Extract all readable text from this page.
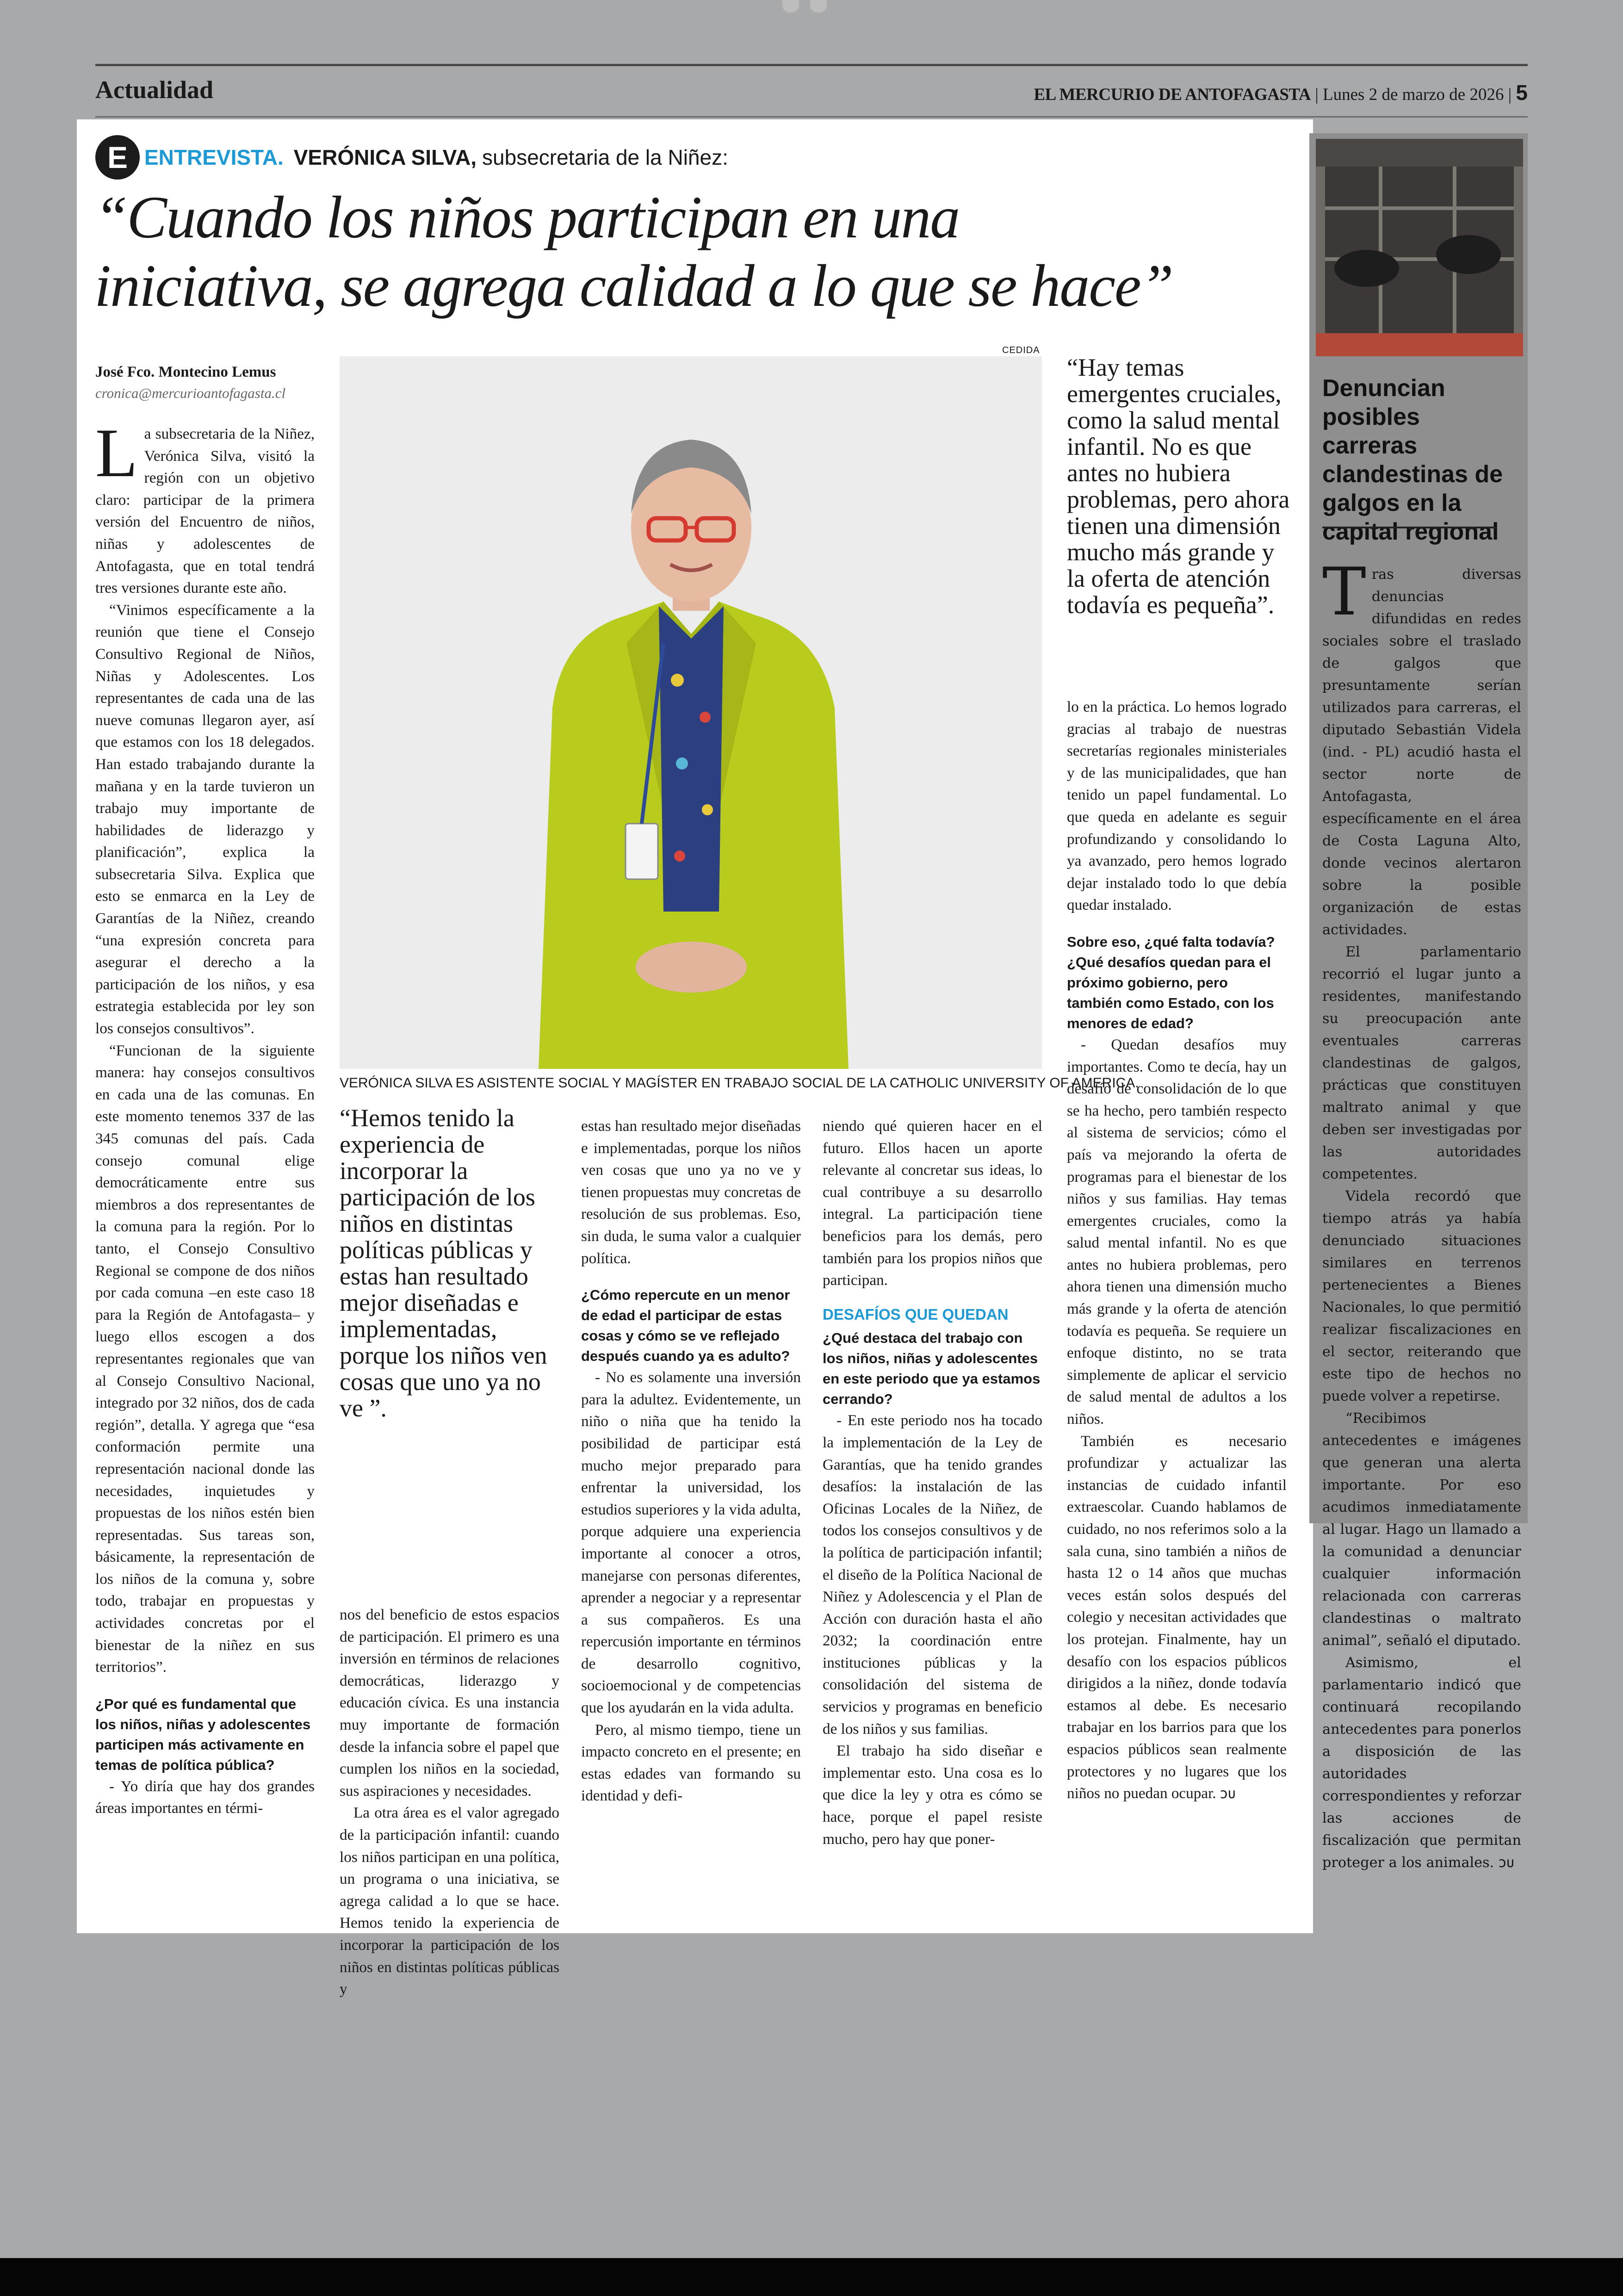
Actualidad	EL MERCURIO DE ANTOFAGASTA | Lunes 2 de marzo de 2026 | 5
E ENTREVISTA. VERÓNICA SILVA, subsecretaria de la Niñez:
“Cuando los niños participan en una
iniciativa, se agrega calidad a lo que se hace”
José Fco. Montecino Lemus
cronica@mercurioantofagasta.cl

La subsecretaria de la Niñez, Verónica Silva, visitó la región con un objetivo claro: participar de la primera versión del Encuentro de niños, niñas y adolescentes de Antofagasta, que en total tendrá tres versiones durante este año.

“Vinimos específicamente a la reunión que tiene el Consejo Consultivo Regional de Niños, Niñas y Adolescentes. Los representantes de cada una de las nueve comunas llegaron ayer, así que estamos con los 18 delegados. Han estado trabajando durante la mañana y en la tarde tuvieron un trabajo muy importante de habilidades de liderazgo y planificación”, explica la subsecretaria Silva. Explica que esto se enmarca en la Ley de Garantías de la Niñez, creando “una expresión concreta para asegurar el derecho a la participación de los niños, y esa estrategia establecida por ley son los consejos consultivos”.

“Funcionan de la siguiente manera: hay consejos consultivos en cada una de las comunas. En este momento tenemos 337 de las 345 comunas del país. Cada consejo comunal elige democráticamente entre sus miembros a dos representantes de la comuna para la región. Por lo tanto, el Consejo Consultivo Regional se compone de dos niños por cada comuna –en este caso 18 para la Región de Antofagasta– y luego ellos escogen a dos representantes regionales que van al Consejo Consultivo Nacional, integrado por 32 niños, dos de cada región”, detalla. Y agrega que “esa conformación permite una representación nacional donde las necesidades, inquietudes y propuestas de los niños estén bien representadas. Sus tareas son, básicamente, la representación de los niños de la comuna y, sobre todo, trabajar en propuestas y actividades concretas por el bienestar de la niñez en sus territorios”.

¿Por qué es fundamental que los niños, niñas y adolescentes participen más activamente en temas de política pública?

- Yo diría que hay dos grandes áreas importantes en térmi-

CEDIDA
VERÓNICA SILVA ES ASISTENTE SOCIAL Y MAGÍSTER EN TRABAJO SOCIAL DE LA CATHOLIC UNIVERSITY OF AMERICA.
“Hemos tenido la experiencia de incorporar la participación de los niños en distintas políticas públicas y estas han resultado mejor diseñadas e implementadas, porque los niños ven cosas que uno ya no ve ”.

nos del beneficio de estos espacios de participación. El primero es una inversión en términos de relaciones democráticas, liderazgo y educación cívica. Es una instancia muy importante de formación desde la infancia sobre el papel que cumplen los niños en la sociedad, sus aspiraciones y necesidades.

La otra área es el valor agregado de la participación infantil: cuando los niños participan en una política, un programa o una iniciativa, se agrega calidad a lo que se hace. Hemos tenido la experiencia de incorporar la participación de los niños en distintas políticas públicas y

estas han resultado mejor diseñadas e implementadas, porque los niños ven cosas que uno ya no ve y tienen propuestas muy concretas de resolución de sus problemas. Eso, sin duda, le suma valor a cualquier política.

¿Cómo repercute en un menor de edad el participar de estas cosas y cómo se ve reflejado después cuando ya es adulto?

- No es solamente una inversión para la adultez. Evidentemente, un niño o niña que ha tenido la posibilidad de participar está mucho mejor preparado para enfrentar la universidad, los estudios superiores y la vida adulta, porque adquiere una experiencia importante al conocer a otros, manejarse con personas diferentes, aprender a negociar y a representar a sus compañeros. Es una repercusión importante en términos de desarrollo cognitivo, socioemocional y de competencias que los ayudarán en la vida adulta.

Pero, al mismo tiempo, tiene un impacto concreto en el presente; en estas edades van formando su identidad y defi-

niendo qué quieren hacer en el futuro. Ellos hacen un aporte relevante al concretar sus ideas, lo cual contribuye a su desarrollo integral. La participación tiene beneficios para los demás, pero también para los propios niños que participan.

DESAFÍOS QUE QUEDAN

¿Qué destaca del trabajo con los niños, niñas y adolescentes en este periodo que ya estamos cerrando?

- En este periodo nos ha tocado la implementación de la Ley de Garantías, que ha tenido grandes desafíos: la instalación de las Oficinas Locales de la Niñez, de todos los consejos consultivos y de la política de participación infantil; el diseño de la Política Nacional de Niñez y Adolescencia y el Plan de Acción con duración hasta el año 2032; la coordinación entre instituciones públicas y la consolidación del sistema de servicios y programas en beneficio de los niños y sus familias.

El trabajo ha sido diseñar e implementar esto. Una cosa es lo que dice la ley y otra es cómo se hace, porque el papel resiste mucho, pero hay que poner-

“Hay temas emergentes cruciales, como la salud mental infantil. No es que antes no hubiera problemas, pero ahora tienen una dimensión mucho más grande y la oferta de atención todavía es pequeña”.

lo en la práctica. Lo hemos logrado gracias al trabajo de nuestras secretarías regionales ministeriales y de las municipalidades, que han tenido un papel fundamental. Lo que queda en adelante es seguir profundizando y consolidando lo ya avanzado, pero hemos logrado dejar instalado todo lo que debía quedar instalado.

Sobre eso, ¿qué falta todavía? ¿Qué desafíos quedan para el próximo gobierno, pero también como Estado, con los menores de edad?

- Quedan desafíos muy importantes. Como te decía, hay un desafío de consolidación de lo que se ha hecho, pero también respecto al sistema de servicios; cómo el país va mejorando la oferta de programas para el bienestar de los niños y sus familias. Hay temas emergentes cruciales, como la salud mental infantil. No es que antes no hubiera problemas, pero ahora tienen una dimensión mucho más grande y la oferta de atención todavía es pequeña. Se requiere un enfoque distinto, no se trata simplemente de aplicar el servicio de salud mental de adultos a los niños.

También es necesario profundizar y actualizar las instancias de cuidado infantil extraescolar. Cuando hablamos de cuidado, no nos referimos solo a la sala cuna, sino también a niños de hasta 12 o 14 años que muchas veces están solos después del colegio y necesitan actividades que los protejan. Finalmente, hay un desafío con los espacios públicos dirigidos a la niñez, donde todavía estamos al debe. Es necesario trabajar en los barrios para que los espacios públicos sean realmente protectores y no lugares que los niños no puedan ocupar. ↄᴜ

Denuncian posibles carreras clandestinas de galgos en la capital regional

Tras diversas denuncias difundidas en redes sociales sobre el traslado de galgos que presuntamente serían utilizados para carreras, el diputado Sebastián Videla (ind. - PL) acudió hasta el sector norte de Antofagasta, específicamente en el área de Costa Laguna Alto, donde vecinos alertaron sobre la posible organización de estas actividades.

El parlamentario recorrió el lugar junto a residentes, manifestando su preocupación ante eventuales carreras clandestinas de galgos, prácticas que constituyen maltrato animal y que deben ser investigadas por las autoridades competentes.

Videla recordó que tiempo atrás ya había denunciado situaciones similares en terrenos pertenecientes a Bienes Nacionales, lo que permitió realizar fiscalizaciones en el sector, reiterando que este tipo de hechos no puede volver a repetirse.

“Recibimos antecedentes e imágenes que generan una alerta importante. Por eso acudimos inmediatamente al lugar. Hago un llamado a la comunidad a denunciar cualquier información relacionada con carreras clandestinas o maltrato animal”, señaló el diputado.

Asimismo, el parlamentario indicó que continuará recopilando antecedentes para ponerlos a disposición de las autoridades correspondientes y reforzar las acciones de fiscalización que permitan proteger a los animales. ↄᴜ
